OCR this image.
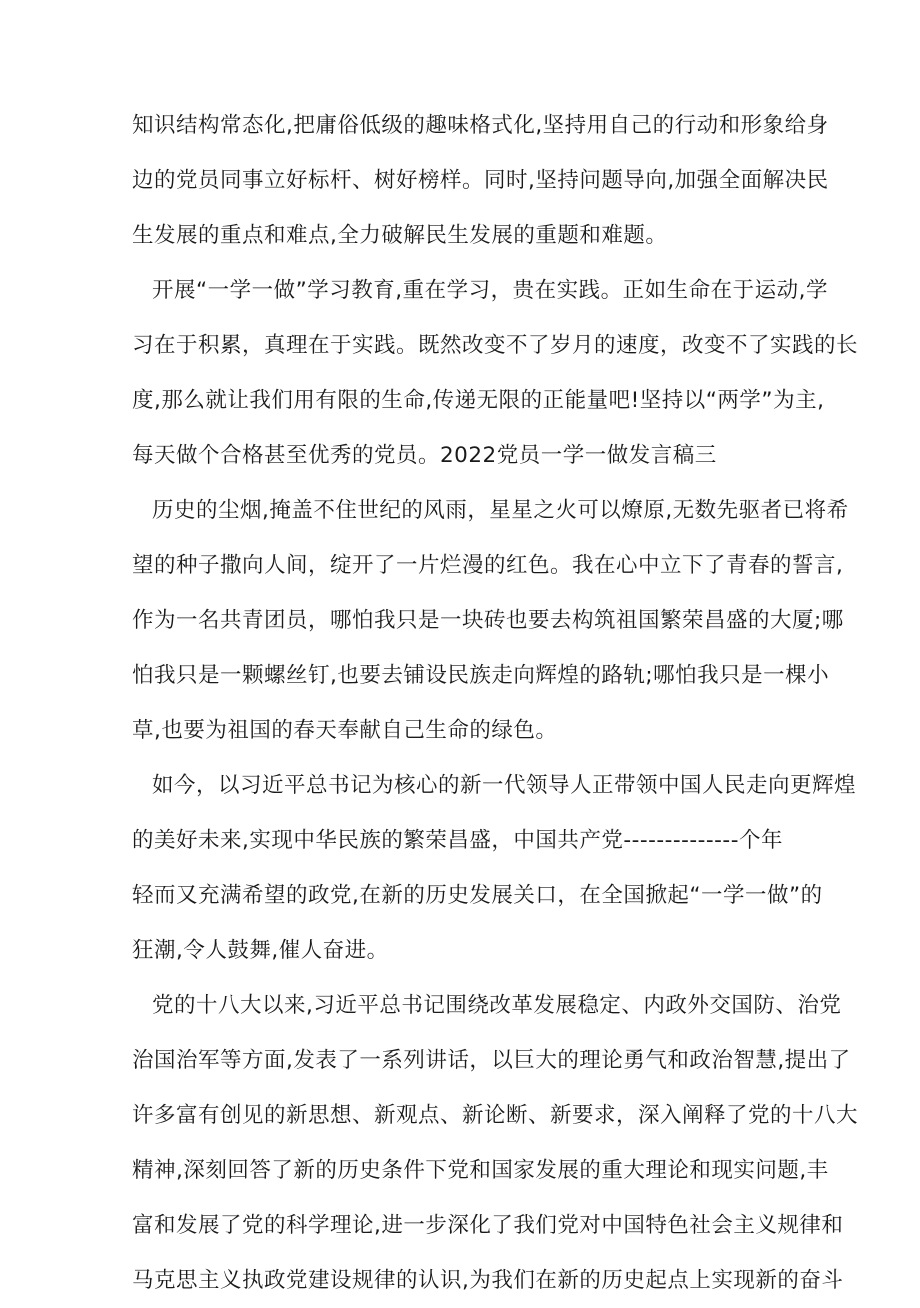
知识结构常态化,把庸俗低级的趣味格式化,坚持用自己的行动和形象给身
边的党员同事立好标杆、树好榜样。同时,坚持问题导向,加强全面解决民
生发展的重点和难点,全力破解民生发展的重题和难题。
开展“一学一做”学习教育,重在学习，贵在实践。正如生命在于运动,学
习在于积累，真理在于实践。既然改变不了岁月的速度，改变不了实践的长
度,那么就让我们用有限的生命,传递无限的正能量吧!坚持以“两学”为主,
每天做个合格甚至优秀的党员。2022党员一学一做发言稿三
历史的尘烟,掩盖不住世纪的风雨，星星之火可以燎原,无数先驱者已将希
望的种子撒向人间，绽开了一片烂漫的红色。我在心中立下了青春的誓言,
作为一名共青团员，哪怕我只是一块砖也要去构筑祖国繁荣昌盛的大厦;哪
怕我只是一颗螺丝钉,也要去铺设民族走向辉煌的路轨;哪怕我只是一棵小
草,也要为祖国的春天奉献自己生命的绿色。
如今，以习近平总书记为核心的新一代领导人正带领中国人民走向更辉煌
的美好未来,实现中华民族的繁荣昌盛，中国共产党--------------个年
轻而又充满希望的政党,在新的历史发展关口，在全国掀起“一学一做”的
狂潮,令人鼓舞,催人奋进。
党的十八大以来,习近平总书记围绕改革发展稳定、内政外交国防、治党
治国治军等方面,发表了一系列讲话，以巨大的理论勇气和政治智慧,提出了
许多富有创见的新思想、新观点、新论断、新要求，深入阐释了党的十八大
精神,深刻回答了新的历史条件下党和国家发展的重大理论和现实问题,丰
富和发展了党的科学理论,进一步深化了我们党对中国特色社会主义规律和
马克思主义执政党建设规律的认识,为我们在新的历史起点上实现新的奋斗
